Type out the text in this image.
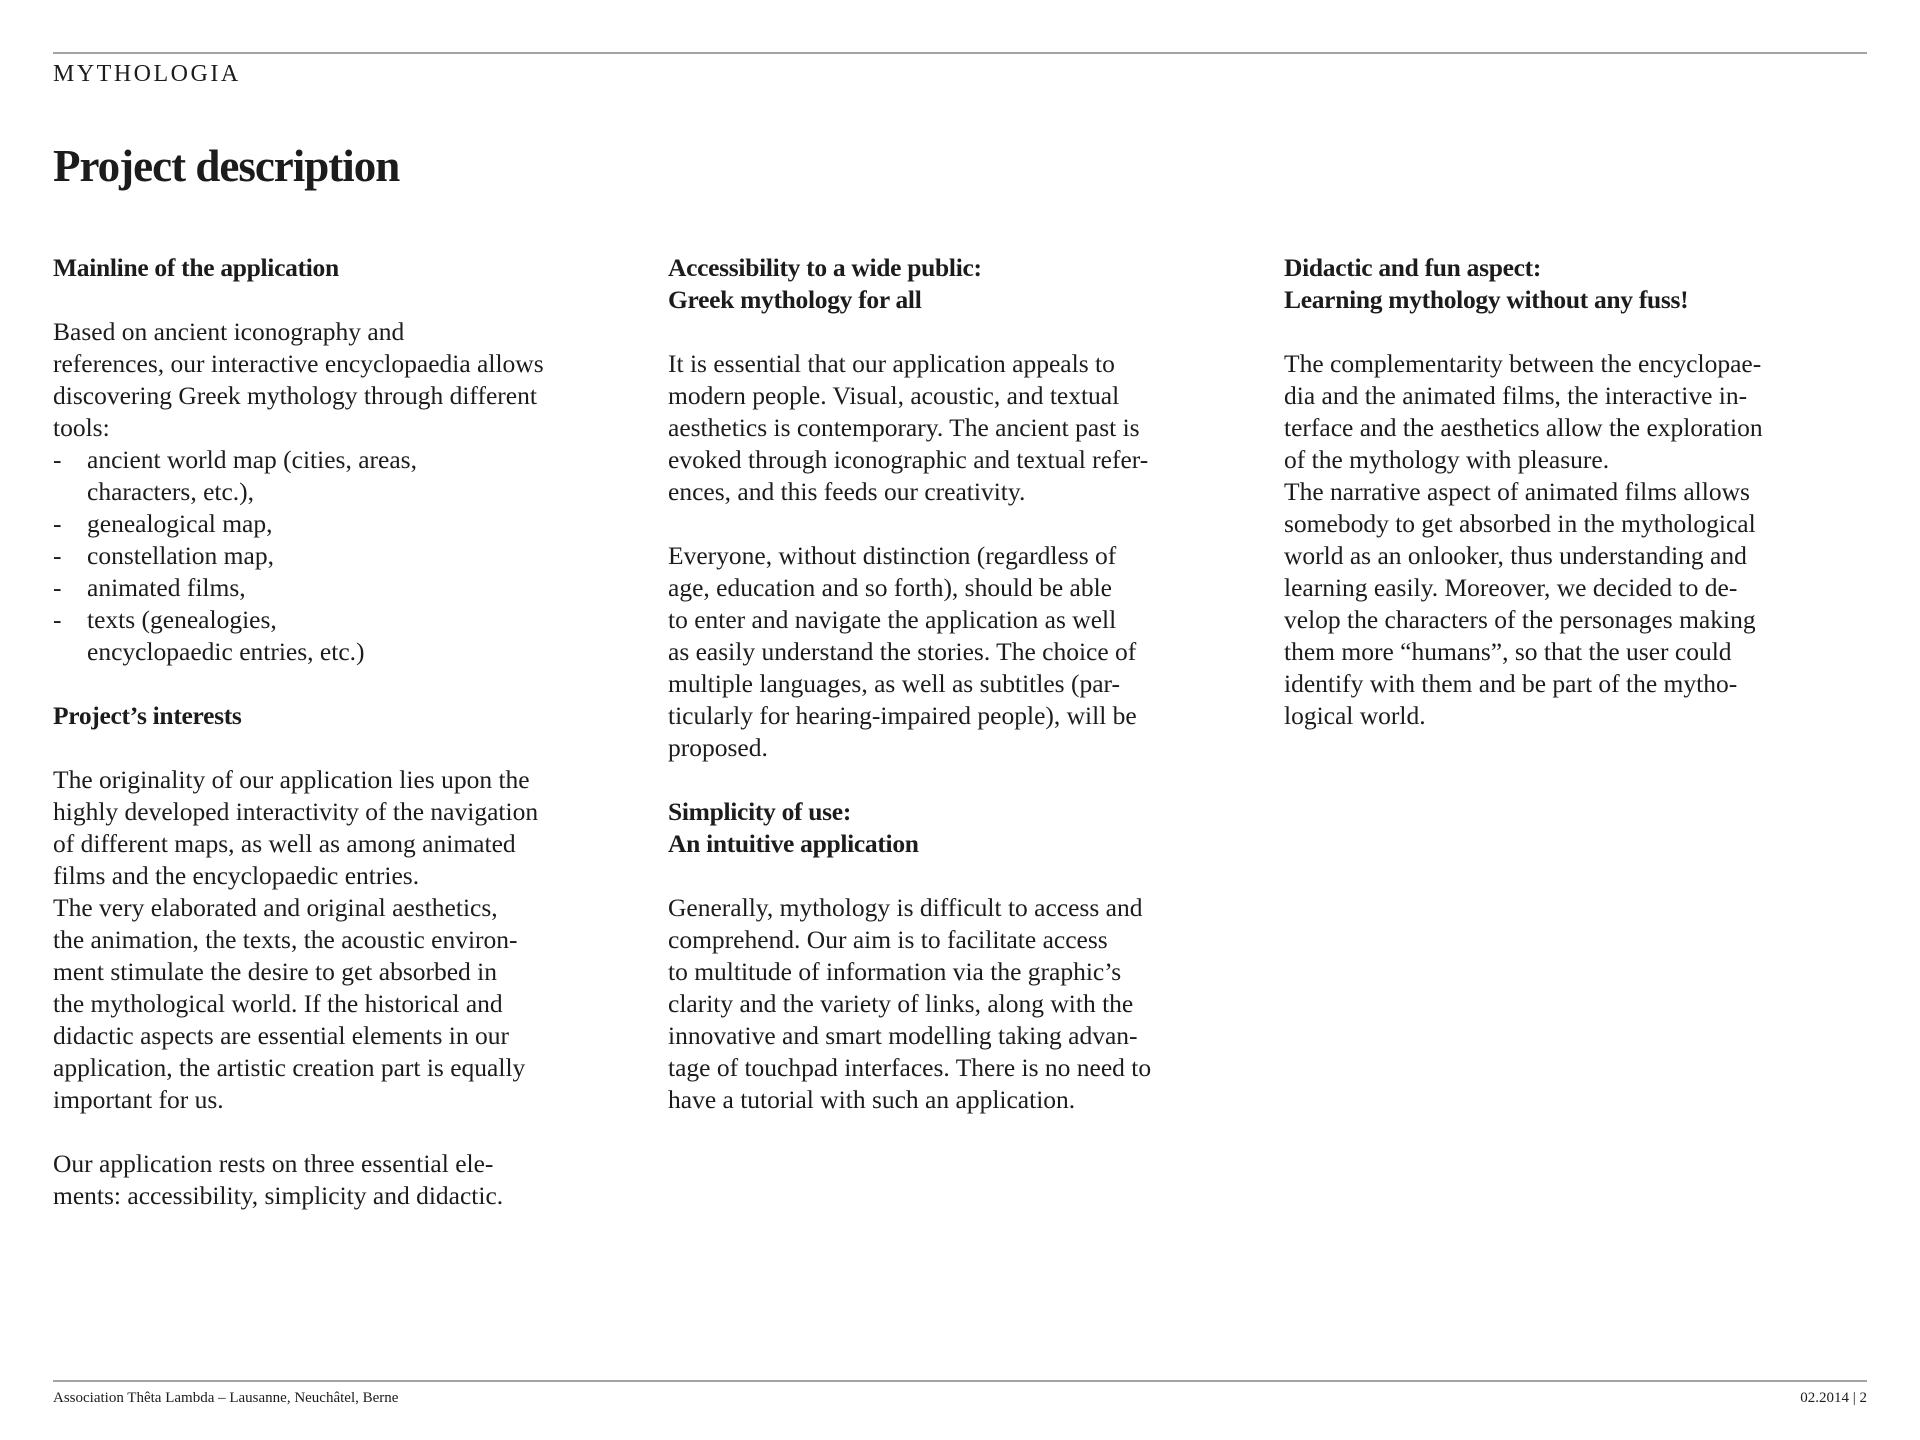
MYTHOLOGIA
Project description
Mainline of the application

Based on ancient iconography and
references, our interactive encyclopaedia allows
discovering Greek mythology through different
tools:
- ancient world map (cities, areas,
characters, etc.),
- genealogical map,
- constellation map,
- animated films,
- texts (genealogies,
encyclopaedic entries, etc.)

Project’s interests

The originality of our application lies upon the
highly developed interactivity of the navigation
of different maps, as well as among animated
films and the encyclopaedic entries.
The very elaborated and original aesthetics,
the animation, the texts, the acoustic environ-
ment stimulate the desire to get absorbed in
the mythological world. If the historical and
didactic aspects are essential elements in our
application, the artistic creation part is equally
important for us.

Our application rests on three essential ele-
ments: accessibility, simplicity and didactic.

Accessibility to a wide public:
Greek mythology for all

It is essential that our application appeals to
modern people. Visual, acoustic, and textual
aesthetics is contemporary. The ancient past is
evoked through iconographic and textual refer-
ences, and this feeds our creativity.

Everyone, without distinction (regardless of
age, education and so forth), should be able
to enter and navigate the application as well
as easily understand the stories. The choice of
multiple languages, as well as subtitles (par-
ticularly for hearing-impaired people), will be
proposed.

Simplicity of use:
An intuitive application

Generally, mythology is difficult to access and
comprehend. Our aim is to facilitate access
to multitude of information via the graphic’s
clarity and the variety of links, along with the
innovative and smart modelling taking advan-
tage of touchpad interfaces. There is no need to
have a tutorial with such an application.

Didactic and fun aspect:
Learning mythology without any fuss!

The complementarity between the encyclopae-
dia and the animated films, the interactive in-
terface and the aesthetics allow the exploration
of the mythology with pleasure.
The narrative aspect of animated films allows
somebody to get absorbed in the mythological
world as an onlooker, thus understanding and
learning easily. Moreover, we decided to de-
velop the characters of the personages making
them more “humans”, so that the user could
identify with them and be part of the mytho-
logical world.

Association Thêta Lambda – Lausanne, Neuchâtel, Berne	02.2014 | 2
